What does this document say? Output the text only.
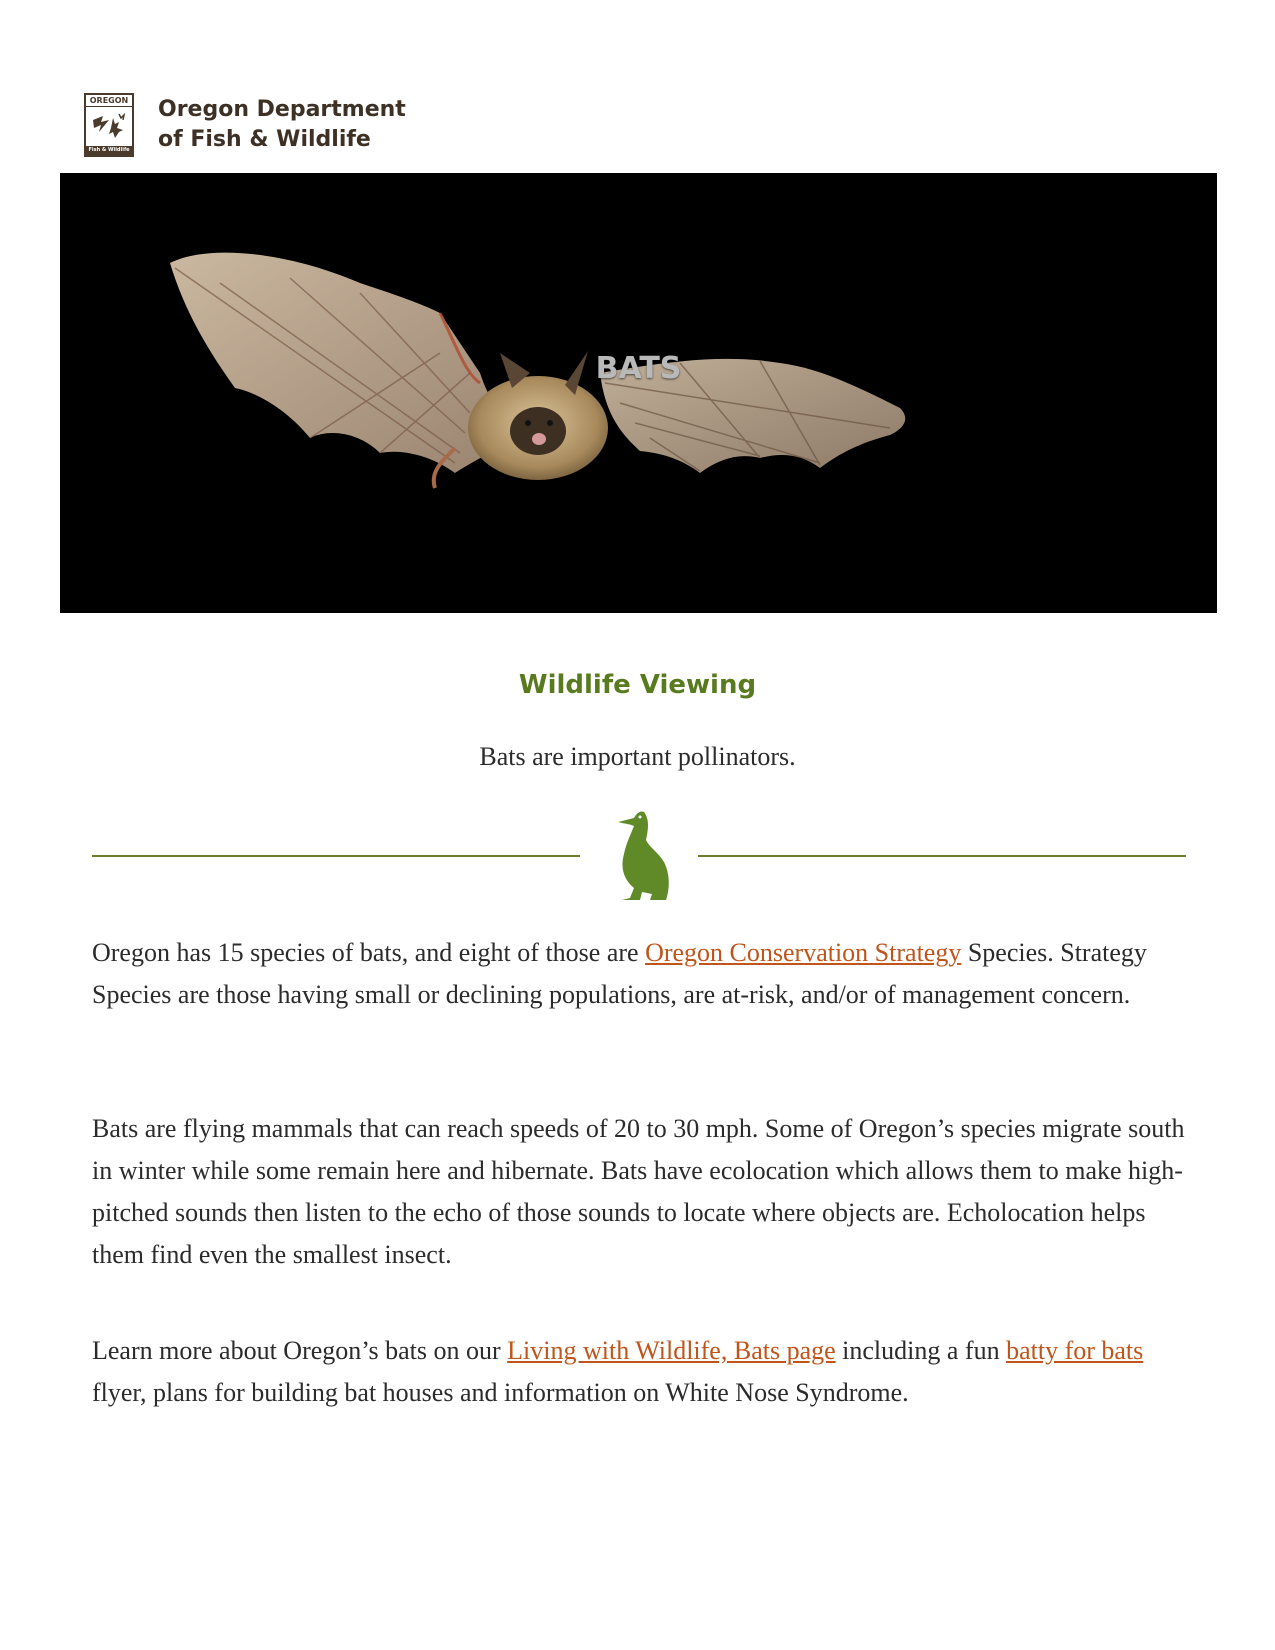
OREGON
Fish & Wildlife
Oregon Department
of Fish & Wildlife
BATS
Wildlife Viewing
Bats are important pollinators.

Oregon has 15 species of bats, and eight of those are Oregon Conservation Strategy Species. Strategy Species are those having small or declining populations, are at-risk, and/or of management concern.

Bats are flying mammals that can reach speeds of 20 to 30 mph. Some of Oregon’s species migrate south in winter while some remain here and hibernate. Bats have ecolocation which allows them to make high-pitched sounds then listen to the echo of those sounds to locate where objects are. Echolocation helps them find even the smallest insect.

Learn more about Oregon’s bats on our Living with Wildlife, Bats page including a fun batty for bats flyer, plans for building bat houses and information on White Nose Syndrome.
